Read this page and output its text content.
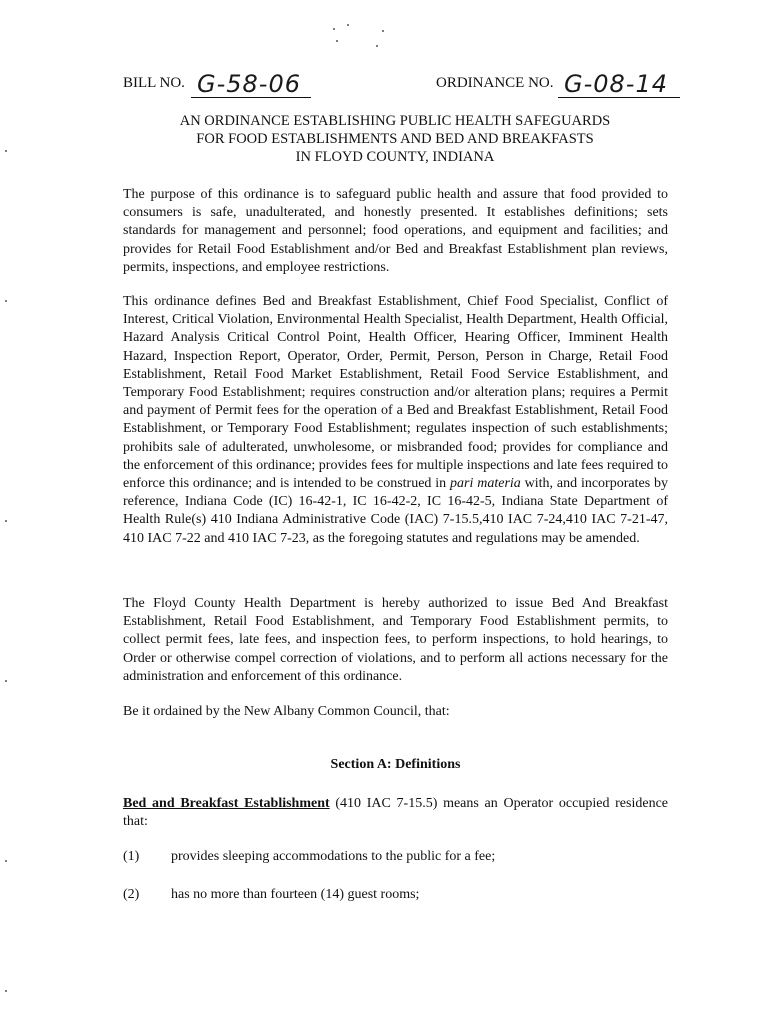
BILL NO. G-58-06	ORDINANCE NO. G-08-14
AN ORDINANCE ESTABLISHING PUBLIC HEALTH SAFEGUARDS
FOR FOOD ESTABLISHMENTS AND BED AND BREAKFASTS
IN FLOYD COUNTY, INDIANA
The purpose of this ordinance is to safeguard public health and assure that food provided to consumers is safe, unadulterated, and honestly presented. It establishes definitions; sets standards for management and personnel; food operations, and equipment and facilities; and provides for Retail Food Establishment and/or Bed and Breakfast Establishment plan reviews, permits, inspections, and employee restrictions.
This ordinance defines Bed and Breakfast Establishment, Chief Food Specialist, Conflict of Interest, Critical Violation, Environmental Health Specialist, Health Department, Health Official, Hazard Analysis Critical Control Point, Health Officer, Hearing Officer, Imminent Health Hazard, Inspection Report, Operator, Order, Permit, Person, Person in Charge, Retail Food Establishment, Retail Food Market Establishment, Retail Food Service Establishment, and Temporary Food Establishment; requires construction and/or alteration plans; requires a Permit and payment of Permit fees for the operation of a Bed and Breakfast Establishment, Retail Food Establishment, or Temporary Food Establishment; regulates inspection of such establishments; prohibits sale of adulterated, unwholesome, or misbranded food; provides for compliance and the enforcement of this ordinance; provides fees for multiple inspections and late fees required to enforce this ordinance; and is intended to be construed in pari materia with, and incorporates by reference, Indiana Code (IC) 16-42-1, IC 16-42-2, IC 16-42-5, Indiana State Department of Health Rule(s) 410 Indiana Administrative Code (IAC) 7-15.5,410 IAC 7-24,410 IAC 7-21-47, 410 IAC 7-22 and 410 IAC 7-23, as the foregoing statutes and regulations may be amended.
The Floyd County Health Department is hereby authorized to issue Bed And Breakfast Establishment, Retail Food Establishment, and Temporary Food Establishment permits, to collect permit fees, late fees, and inspection fees, to perform inspections, to hold hearings, to Order or otherwise compel correction of violations, and to perform all actions necessary for the administration and enforcement of this ordinance.
Be it ordained by the New Albany Common Council, that:
Section A: Definitions
Bed and Breakfast Establishment (410 IAC 7-15.5) means an Operator occupied residence that:
(1) provides sleeping accommodations to the public for a fee;
(2) has no more than fourteen (14) guest rooms;
